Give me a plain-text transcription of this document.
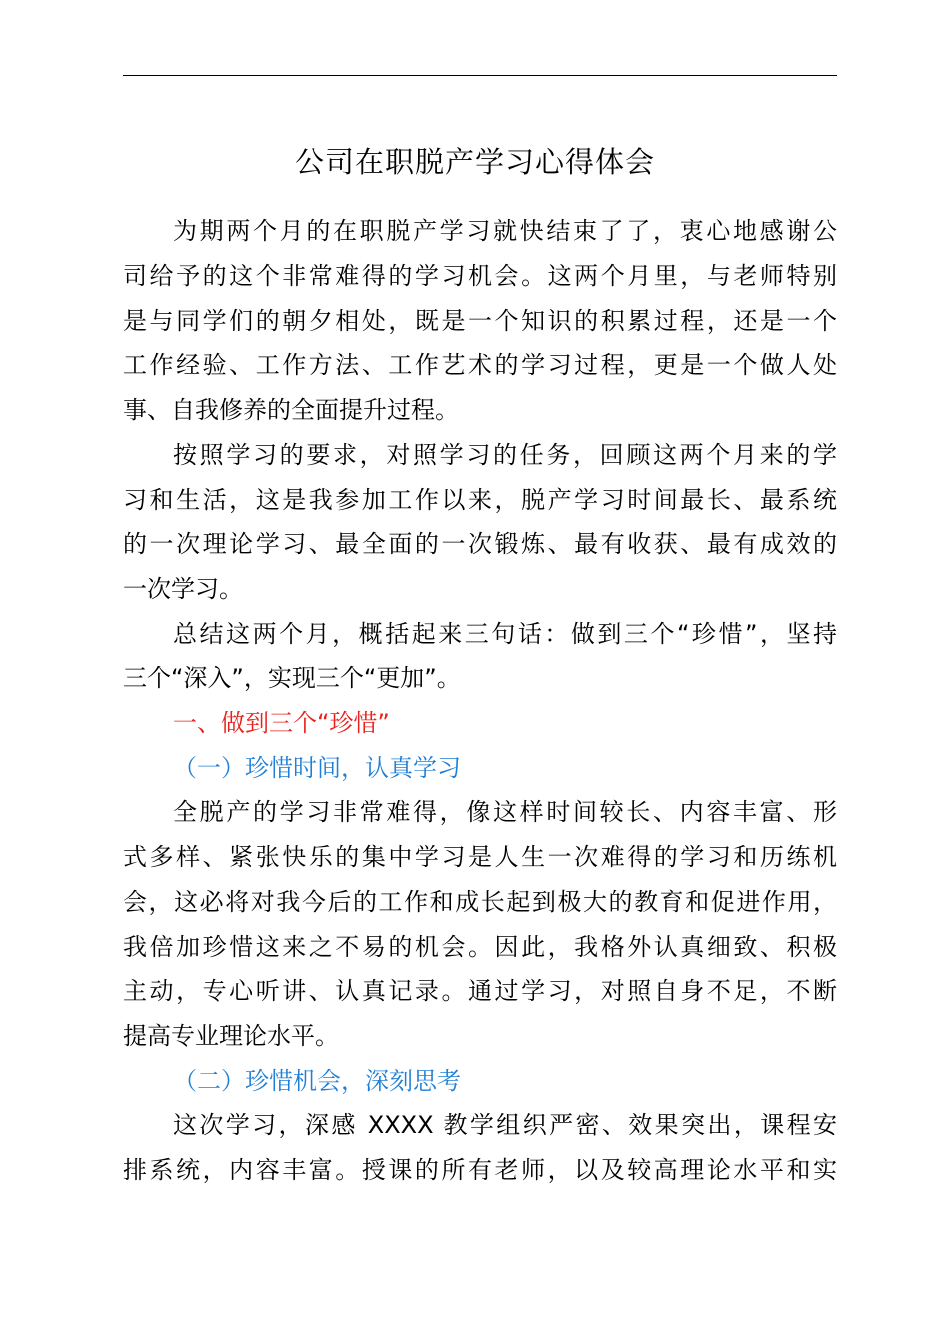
公司在职脱产学习心得体会
为期两个月的在职脱产学习就快结束了了，衷心地感谢公
司给予的这个非常难得的学习机会。这两个月里，与老师特别
是与同学们的朝夕相处，既是一个知识的积累过程，还是一个
工作经验、工作方法、工作艺术的学习过程，更是一个做人处
事、自我修养的全面提升过程。
按照学习的要求，对照学习的任务，回顾这两个月来的学
习和生活，这是我参加工作以来，脱产学习时间最长、最系统
的一次理论学习、最全面的一次锻炼、最有收获、最有成效的
一次学习。
总结这两个月，概括起来三句话：做到三个“珍惜”，坚持
三个“深入”，实现三个“更加”。
一、做到三个“珍惜”
（一）珍惜时间，认真学习
全脱产的学习非常难得，像这样时间较长、内容丰富、形
式多样、紧张快乐的集中学习是人生一次难得的学习和历练机
会，这必将对我今后的工作和成长起到极大的教育和促进作用，
我倍加珍惜这来之不易的机会。因此，我格外认真细致、积极
主动，专心听讲、认真记录。通过学习，对照自身不足，不断
提高专业理论水平。
（二）珍惜机会，深刻思考
这次学习，深感 XXXX 教学组织严密、效果突出，课程安
排系统，内容丰富。授课的所有老师，以及较高理论水平和实
